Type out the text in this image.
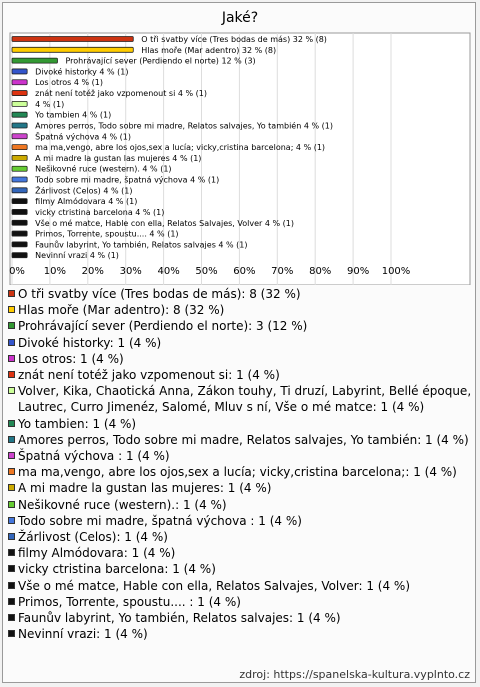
Jaké?
0% 10% 20% 30% 40% 50% 60% 70% 80% 90% 100%
O tři svatby více (Tres bodas de más) 32 % (8)
Hlas moře (Mar adentro) 32 % (8)
Prohrávající sever (Perdiendo el norte) 12 % (3)
Divoké historky 4 % (1)
Los otros 4 % (1)
znát není totéž jako vzpomenout si 4 % (1)
4 % (1)
Yo tambien 4 % (1)
Amores perros, Todo sobre mi madre, Relatos salvajes, Yo también 4 % (1)
Špatná výchova 4 % (1)
ma ma,vengo, abre los ojos,sex a lucía; vicky,cristina barcelona; 4 % (1)
A mi madre la gustan las mujeres 4 % (1)
Nešikovné ruce (western). 4 % (1)
Todo sobre mi madre, špatná výchova 4 % (1)
Žárlivost (Celos) 4 % (1)
filmy Almódovara 4 % (1)
vicky ctristina barcelona 4 % (1)
Vše o mé matce, Hable con ella, Relatos Salvajes, Volver 4 % (1)
Primos, Torrente, spoustu.... 4 % (1)
Faunův labyrint, Yo también, Relatos salvajes 4 % (1)
Nevinní vrazi 4 % (1)
O tři svatby více (Tres bodas de más): 8 (32 %)
Hlas moře (Mar adentro): 8 (32 %)
Prohrávající sever (Perdiendo el norte): 3 (12 %)
Divoké historky: 1 (4 %)
Los otros: 1 (4 %)
znát není totéž jako vzpomenout si: 1 (4 %)
Volver, Kika, Chaotická Anna, Zákon touhy, Ti druzí, Labyrint, Bellé époque, Lautrec, Curro Jimenéz, Salomé, Mluv s ní, Vše o mé matce: 1 (4 %)
Yo tambien: 1 (4 %)
Amores perros, Todo sobre mi madre, Relatos salvajes, Yo también: 1 (4 %)
Špatná výchova : 1 (4 %)
ma ma,vengo, abre los ojos,sex a lucía; vicky,cristina barcelona;: 1 (4 %)
A mi madre la gustan las mujeres: 1 (4 %)
Nešikovné ruce (western).: 1 (4 %)
Todo sobre mi madre, špatná výchova : 1 (4 %)
Žárlivost (Celos): 1 (4 %)
filmy Almódovara: 1 (4 %)
vicky ctristina barcelona: 1 (4 %)
Vše o mé matce, Hable con ella, Relatos Salvajes, Volver: 1 (4 %)
Primos, Torrente, spoustu.... : 1 (4 %)
Faunův labyrint, Yo también, Relatos salvajes: 1 (4 %)
Nevinní vrazi: 1 (4 %)
zdroj: https://spanelska-kultura.vyplnto.cz
